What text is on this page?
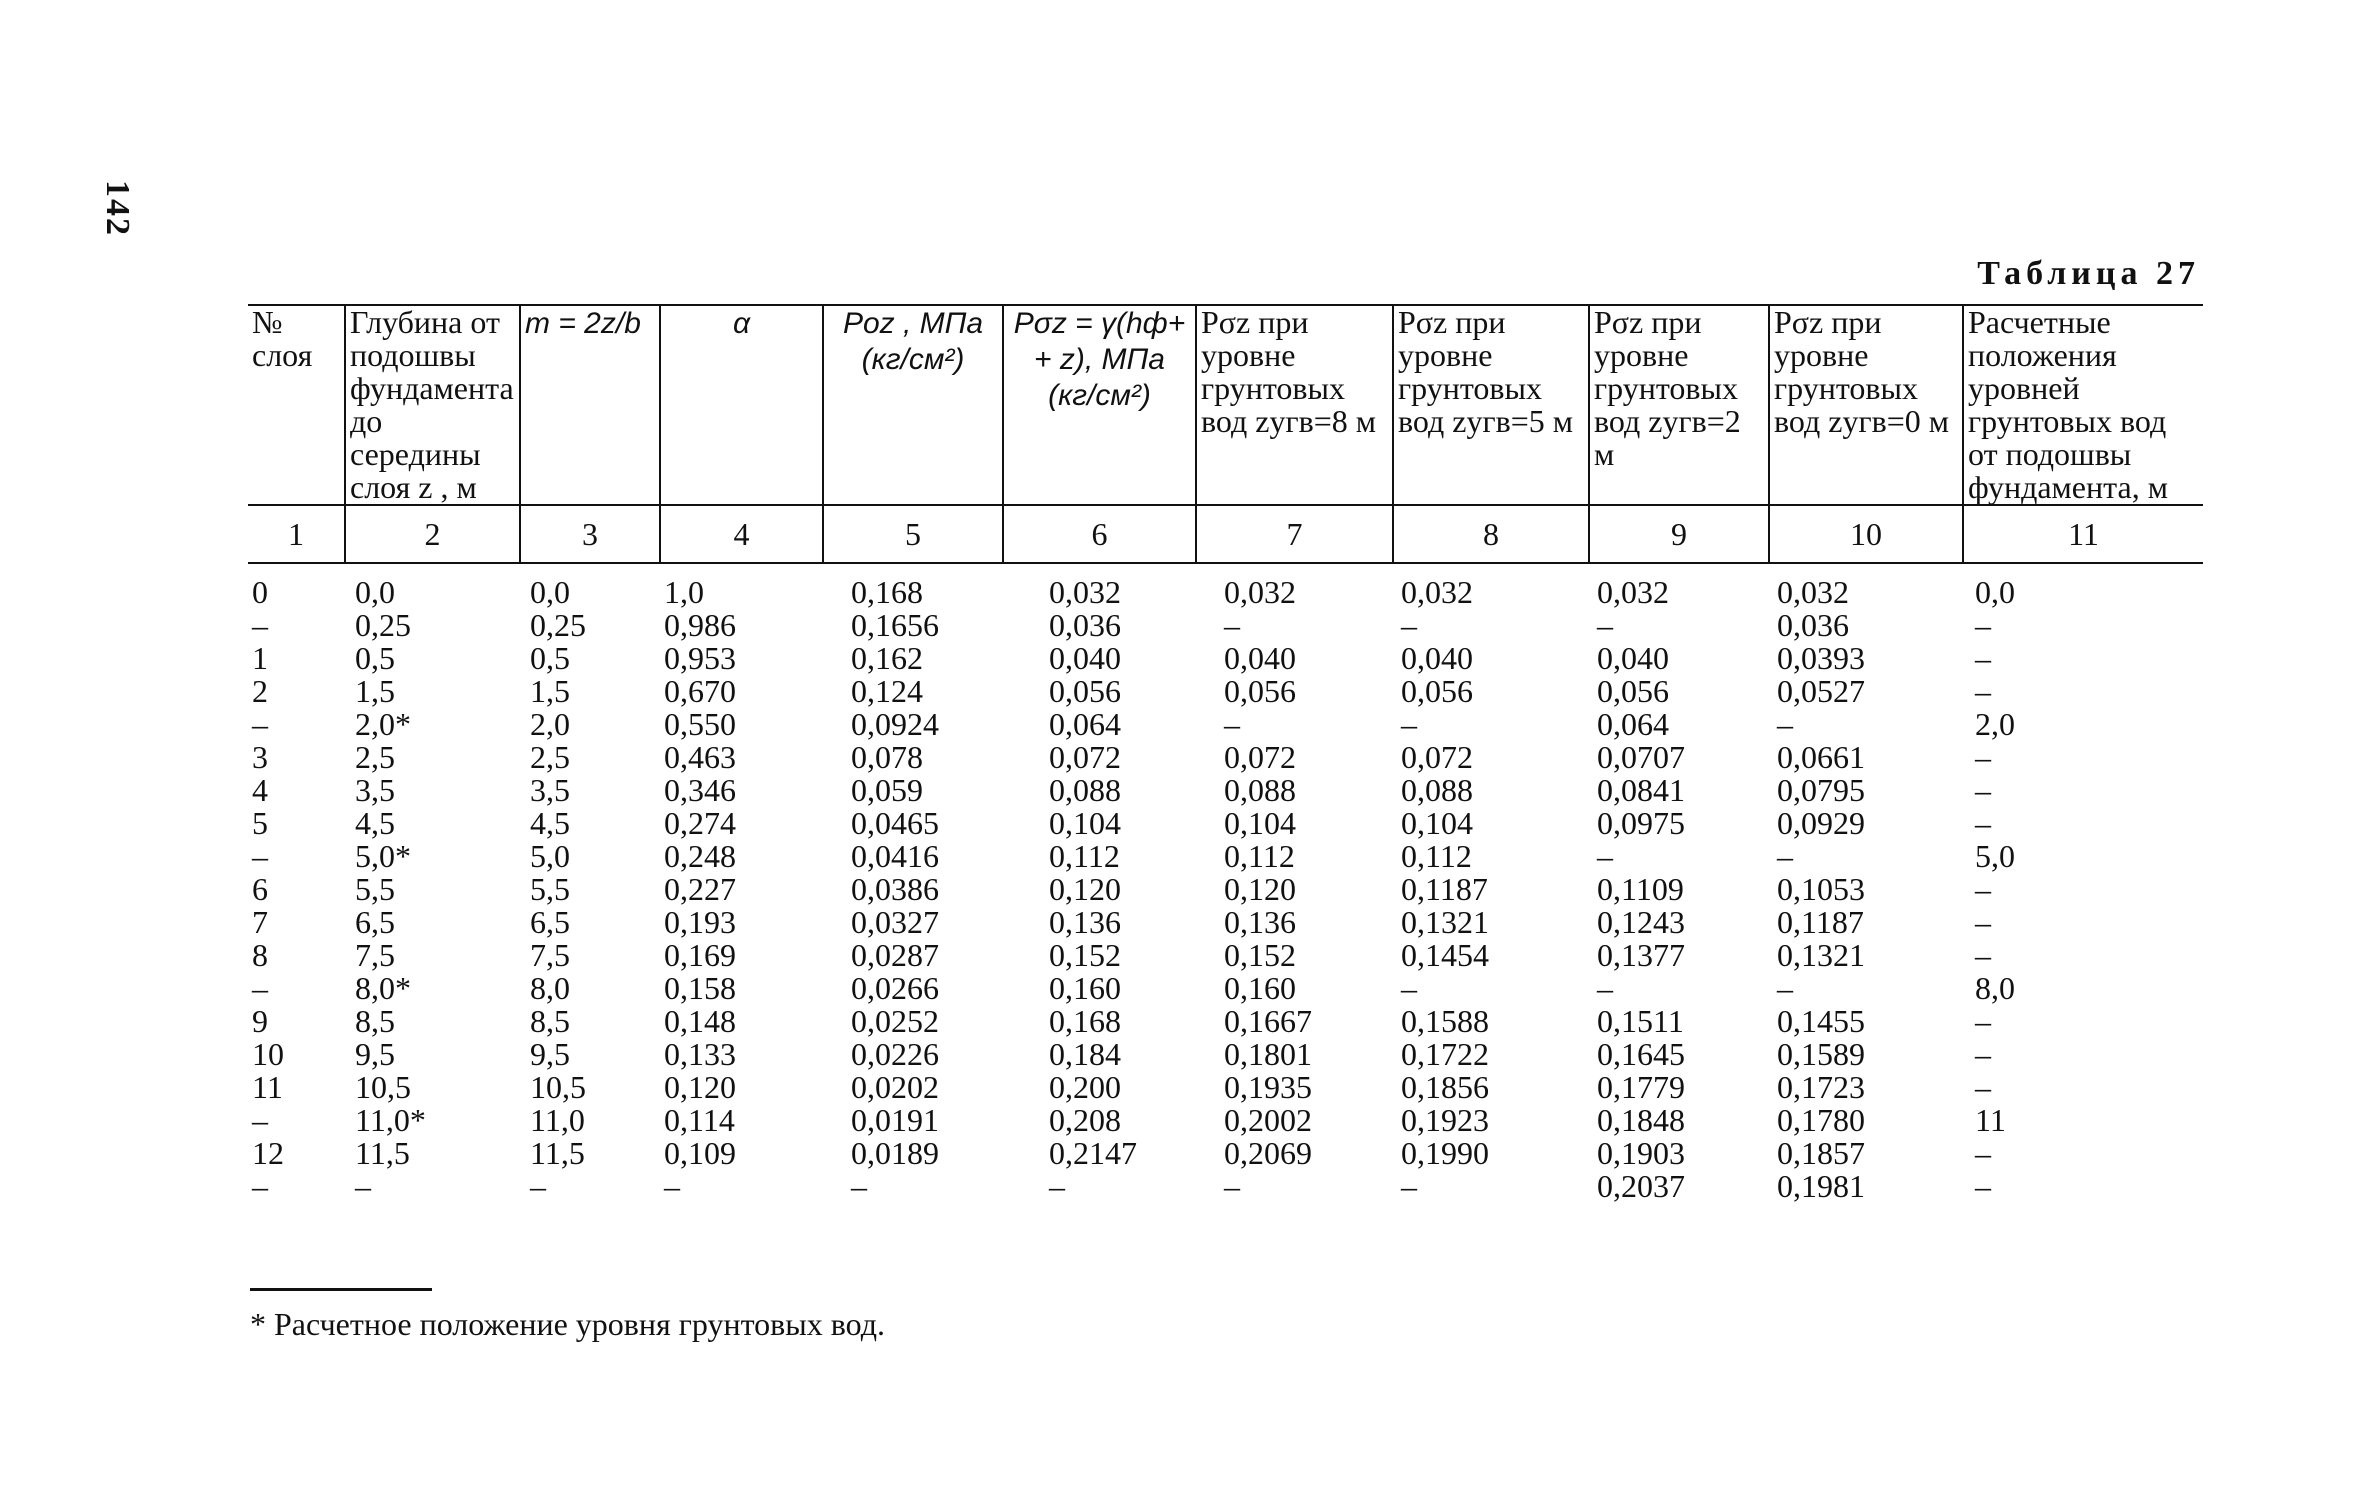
142
Таблица 27
№ слоя	Глубина от подошвы фундамента до середины слоя z , м	m = 2z/b	α	Pоz , МПа (кг/см²)	Pσz = γ(hф+ + z), МПа (кг/см²)	Pσz при уровне грунтовых вод zугв=8 м	Pσz при уровне грунтовых вод zугв=5 м	Pσz при уровне грунтовых вод zугв=2 м	Pσz при уровне грунтовых вод zугв=0 м	Расчетные положения уровней грунтовых вод от подошвы фундамента, м
1	2	3	4	5	6	7	8	9	10	11
0	0,0	0,0	1,0	0,168	0,032	0,032	0,032	0,032	0,032	0,0
–	0,25	0,25	0,986	0,1656	0,036	–	–	–	0,036	–
1	0,5	0,5	0,953	0,162	0,040	0,040	0,040	0,040	0,0393	–
2	1,5	1,5	0,670	0,124	0,056	0,056	0,056	0,056	0,0527	–
–	2,0*	2,0	0,550	0,0924	0,064	–	–	0,064	–	2,0
3	2,5	2,5	0,463	0,078	0,072	0,072	0,072	0,0707	0,0661	–
4	3,5	3,5	0,346	0,059	0,088	0,088	0,088	0,0841	0,0795	–
5	4,5	4,5	0,274	0,0465	0,104	0,104	0,104	0,0975	0,0929	–
–	5,0*	5,0	0,248	0,0416	0,112	0,112	0,112	–	–	5,0
6	5,5	5,5	0,227	0,0386	0,120	0,120	0,1187	0,1109	0,1053	–
7	6,5	6,5	0,193	0,0327	0,136	0,136	0,1321	0,1243	0,1187	–
8	7,5	7,5	0,169	0,0287	0,152	0,152	0,1454	0,1377	0,1321	–
–	8,0*	8,0	0,158	0,0266	0,160	0,160	–	–	–	8,0
9	8,5	8,5	0,148	0,0252	0,168	0,1667	0,1588	0,1511	0,1455	–
10	9,5	9,5	0,133	0,0226	0,184	0,1801	0,1722	0,1645	0,1589	–
11	10,5	10,5	0,120	0,0202	0,200	0,1935	0,1856	0,1779	0,1723	–
–	11,0*	11,0	0,114	0,0191	0,208	0,2002	0,1923	0,1848	0,1780	11
12	11,5	11,5	0,109	0,0189	0,2147	0,2069	0,1990	0,1903	0,1857	–
–	–	–	–	–	–	–	–	0,2037	0,1981	–
* Расчетное положение уровня грунтовых вод.
